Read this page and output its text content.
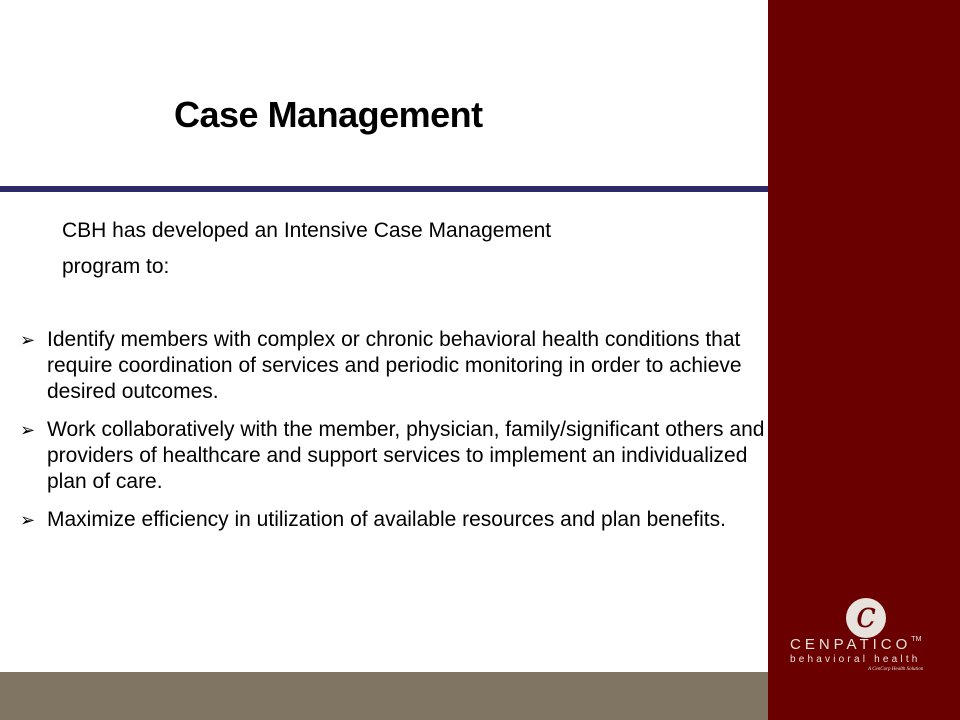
Case Management
CBH has developed an Intensive Case Management
program to:
➢ Identify members with complex or chronic behavioral health conditions that require coordination of services and periodic monitoring in order to achieve desired outcomes.
➢ Work collaboratively with the member, physician, family/significant others and providers of healthcare and support services to implement an individualized plan of care.
➢ Maximize efficiency in utilization of available resources and plan benefits.
c
CENPATICO™
behavioral health
A CenCorp Health Solution
